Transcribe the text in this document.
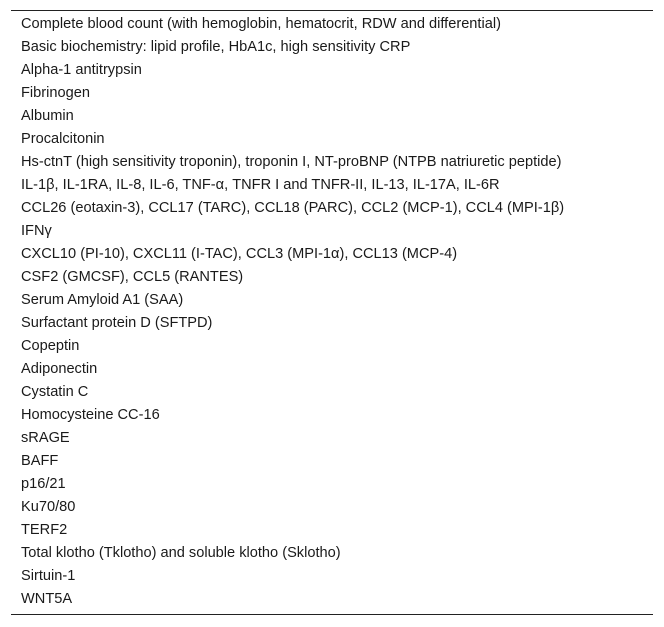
Complete blood count (with hemoglobin, hematocrit, RDW and differential)
Basic biochemistry: lipid profile, HbA1c, high sensitivity CRP
Alpha-1 antitrypsin
Fibrinogen
Albumin
Procalcitonin
Hs-ctnT (high sensitivity troponin), troponin I, NT-proBNP (NTPB natriuretic peptide)
IL-1β, IL-1RA, IL-8, IL-6, TNF-α, TNFR I and TNFR-II, IL-13, IL-17A, IL-6R
CCL26 (eotaxin-3), CCL17 (TARC), CCL18 (PARC), CCL2 (MCP-1), CCL4 (MPI-1β)
IFNγ
CXCL10 (PI-10), CXCL11 (I-TAC), CCL3 (MPI-1α), CCL13 (MCP-4)
CSF2 (GMCSF), CCL5 (RANTES)
Serum Amyloid A1 (SAA)
Surfactant protein D (SFTPD)
Copeptin
Adiponectin
Cystatin C
Homocysteine CC-16
sRAGE
BAFF
p16/21
Ku70/80
TERF2
Total klotho (Tklotho) and soluble klotho (Sklotho)
Sirtuin-1
WNT5A
